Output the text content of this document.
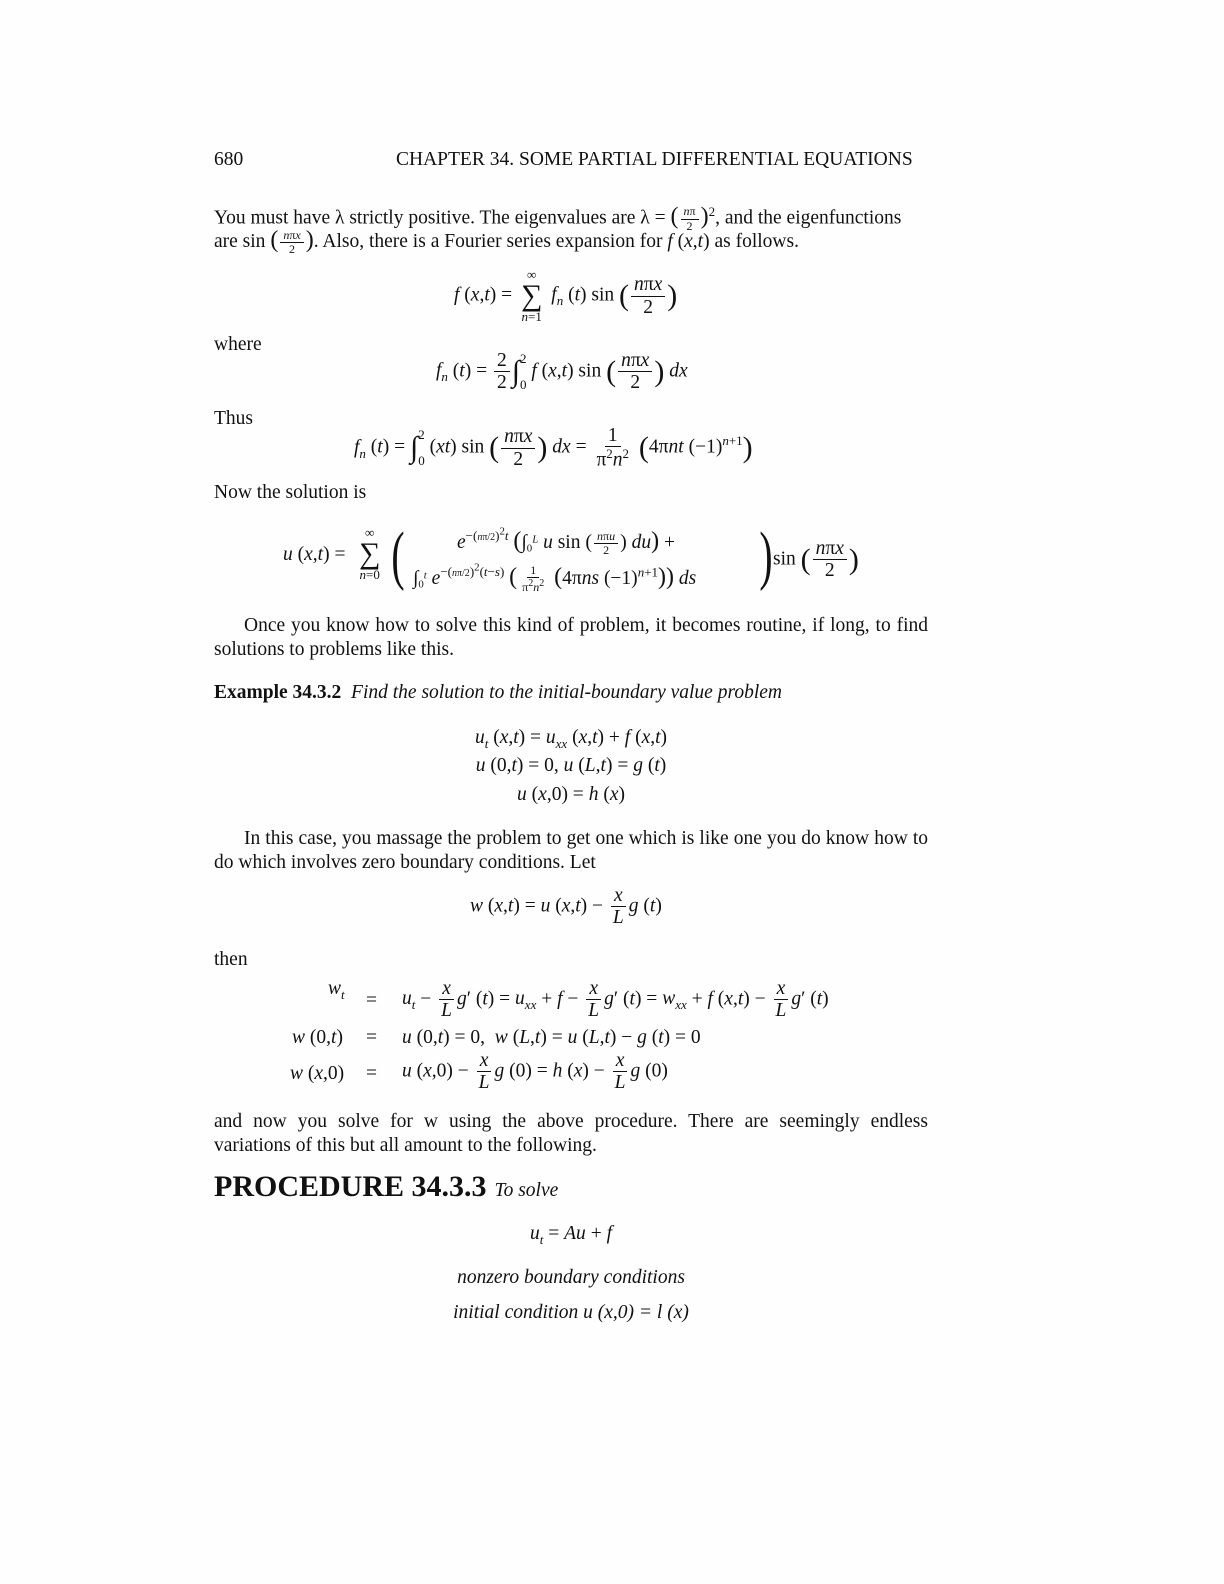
680	CHAPTER 34. SOME PARTIAL DIFFERENTIAL EQUATIONS
You must have λ strictly positive. The eigenvalues are λ = ( $\frac{n\pi}{2} )^2$, and the eigenfunctions
are sin ( $\frac{\text{nπx}}{2}$ ). Also, there is a Fourier series expansion for f (x,t) as follows.
f (x,t) =
∞
∑
n=1
$f_n$ (t) sin ( $\frac{\text{nπx}}{2}$ )
where
$f_n$ $(t) = \frac{2}{2}$ ∫ 2
0
f (x,t) sin ( $\frac{\text{nπx}}{2}$ ) dx
Thus
$f_n$ (t) = ∫ 2
0
(xt) sin ( $\frac{\text{nπx}}{2}$ ) dx = $\frac{1}{\pi^2n^2} (4\pi nt$ $(-1)^{n+1}$)
Now the solution is
u (x,t) =
∞
∑
n=0 (	$e^{-(n\pi/2)^2t}$ ($\int_0^L$ u sin ( $\frac{\text{nπu}}{2}$ ) du) +
$\int_0^t$ $e^{-(n\pi/2)^2(t-s)}$ ( $\frac{1}{\pi^2n^2} (4\pi ns$ $(-1)^{n+1}$)) ds ) sin ( $\frac{\text{nπx}}{2}$ )
Once you know how to solve this kind of problem, it becomes routine, if long, to find solutions to problems like this.
Example 34.3.2 Find the solution to the initial-boundary value problem
$u_t$ $(x,t) = u_{xx}$ (x,t) + f (x,t)
u (0,t) = 0, u (L,t) = g (t)
u (x,0) = h (x)
In this case, you massage the problem to get one which is like one you do know how to do which involves zero boundary conditions. Let
w (x,t) = u $(x,t) - \frac{x}{L}$ g (t)
then
$w_t = u_t - \frac{x}{L} g'$ $(t) = u_{xx} + f - \frac{x}{L} g'$ $(t) = w_{xx} + f$ $(x,t) - \frac{x}{L} g'$ (t)
w (0,t) = u (0,t) = 0,  w (L,t) = u (L,t) − g (t) = 0
w (x,0) = u $(x,0) - \frac{x}{L}$ g (0) = h $(x) - \frac{x}{L}$ g (0)
and now you solve for w using the above procedure. There are seemingly endless variations of this but all amount to the following.
PROCEDURE 34.3.3 To solve
$u_t = Au + f$
nonzero boundary conditions
initial condition u (x,0) = l (x)
